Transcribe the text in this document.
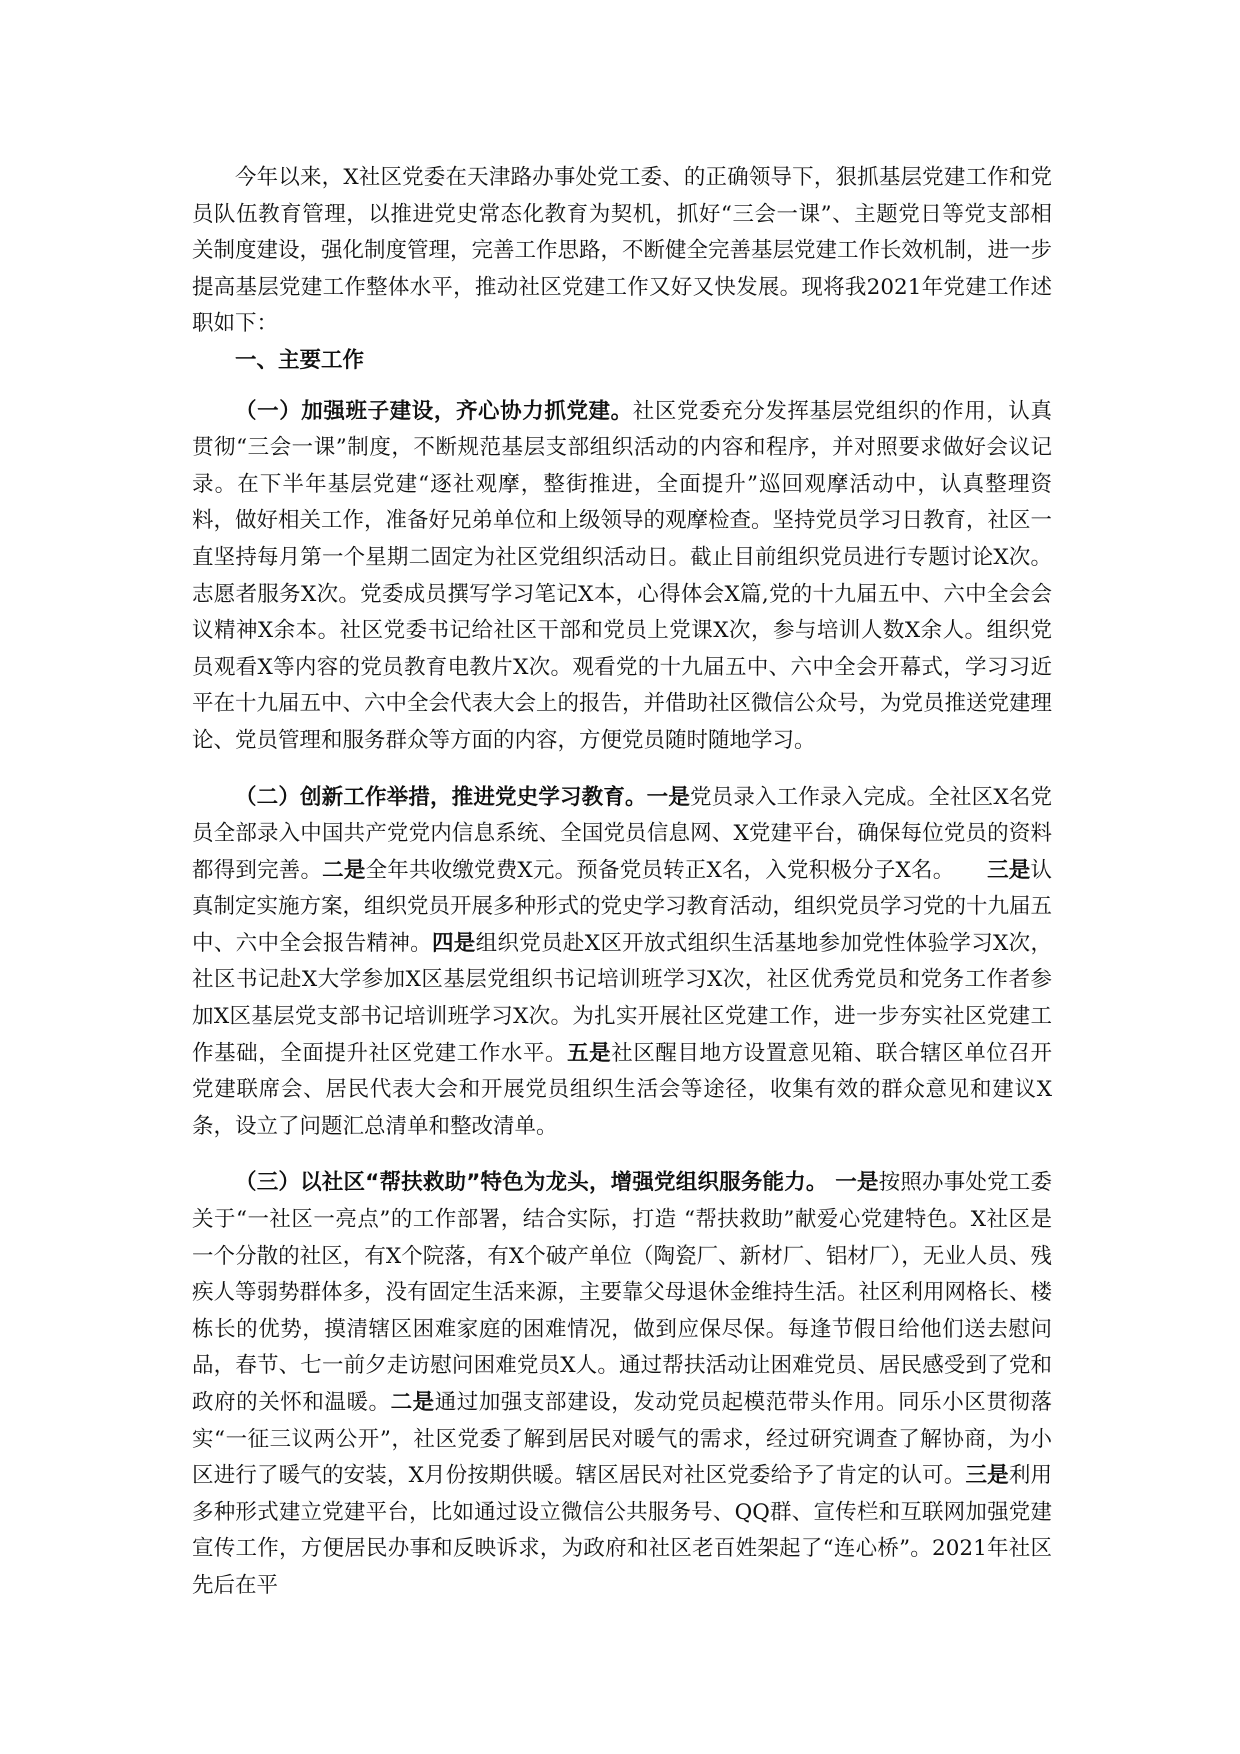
今年以来，X社区党委在天津路办事处党工委、的正确领导下，狠抓基层党建工作和党员队伍教育管理，以推进党史常态化教育为契机，抓好“三会一课”、主题党日等党支部相关制度建设，强化制度管理，完善工作思路，不断健全完善基层党建工作长效机制，进一步提高基层党建工作整体水平，推动社区党建工作又好又快发展。现将我2021年党建工作述职如下：

一、主要工作

（一）加强班子建设，齐心协力抓党建。社区党委充分发挥基层党组织的作用，认真贯彻“三会一课”制度，不断规范基层支部组织活动的内容和程序，并对照要求做好会议记录。在下半年基层党建“逐社观摩，整街推进，全面提升”巡回观摩活动中，认真整理资料，做好相关工作，准备好兄弟单位和上级领导的观摩检查。坚持党员学习日教育，社区一直坚持每月第一个星期二固定为社区党组织活动日。截止目前组织党员进行专题讨论X次。志愿者服务X次。党委成员撰写学习笔记X本，心得体会X篇,党的十九届五中、六中全会会议精神X余本。社区党委书记给社区干部和党员上党课X次，参与培训人数X余人。组织党员观看X等内容的党员教育电教片X次。观看党的十九届五中、六中全会开幕式，学习习近平在十九届五中、六中全会代表大会上的报告，并借助社区微信公众号，为党员推送党建理论、党员管理和服务群众等方面的内容，方便党员随时随地学习。

（二）创新工作举措，推进党史学习教育。一是党员录入工作录入完成。全社区X名党员全部录入中国共产党党内信息系统、全国党员信息网、X党建平台，确保每位党员的资料都得到完善。二是全年共收缴党费X元。预备党员转正X名，入党积极分子X名。　　三是认真制定实施方案，组织党员开展多种形式的党史学习教育活动，组织党员学习党的十九届五中、六中全会报告精神。四是组织党员赴X区开放式组织生活基地参加党性体验学习X次，社区书记赴X大学参加X区基层党组织书记培训班学习X次，社区优秀党员和党务工作者参加X区基层党支部书记培训班学习X次。为扎实开展社区党建工作，进一步夯实社区党建工作基础，全面提升社区党建工作水平。五是社区醒目地方设置意见箱、联合辖区单位召开党建联席会、居民代表大会和开展党员组织生活会等途径，收集有效的群众意见和建议X条，设立了问题汇总清单和整改清单。

（三）以社区“帮扶救助”特色为龙头，增强党组织服务能力。 一是按照办事处党工委关于“一社区一亮点”的工作部署，结合实际，打造 “帮扶救助”献爱心党建特色。X社区是一个分散的社区，有X个院落，有X个破产单位（陶瓷厂、新材厂、铝材厂），无业人员、残疾人等弱势群体多，没有固定生活来源，主要靠父母退休金维持生活。社区利用网格长、楼栋长的优势，摸清辖区困难家庭的困难情况，做到应保尽保。每逢节假日给他们送去慰问品，春节、七一前夕走访慰问困难党员X人。通过帮扶活动让困难党员、居民感受到了党和政府的关怀和温暖。二是通过加强支部建设，发动党员起模范带头作用。同乐小区贯彻落实“一征三议两公开”，社区党委了解到居民对暖气的需求，经过研究调查了解协商，为小区进行了暖气的安装，X月份按期供暖。辖区居民对社区党委给予了肯定的认可。三是利用多种形式建立党建平台，比如通过设立微信公共服务号、QQ群、宣传栏和互联网加强党建宣传工作，方便居民办事和反映诉求，为政府和社区老百姓架起了“连心桥”。2021年社区先后在平
